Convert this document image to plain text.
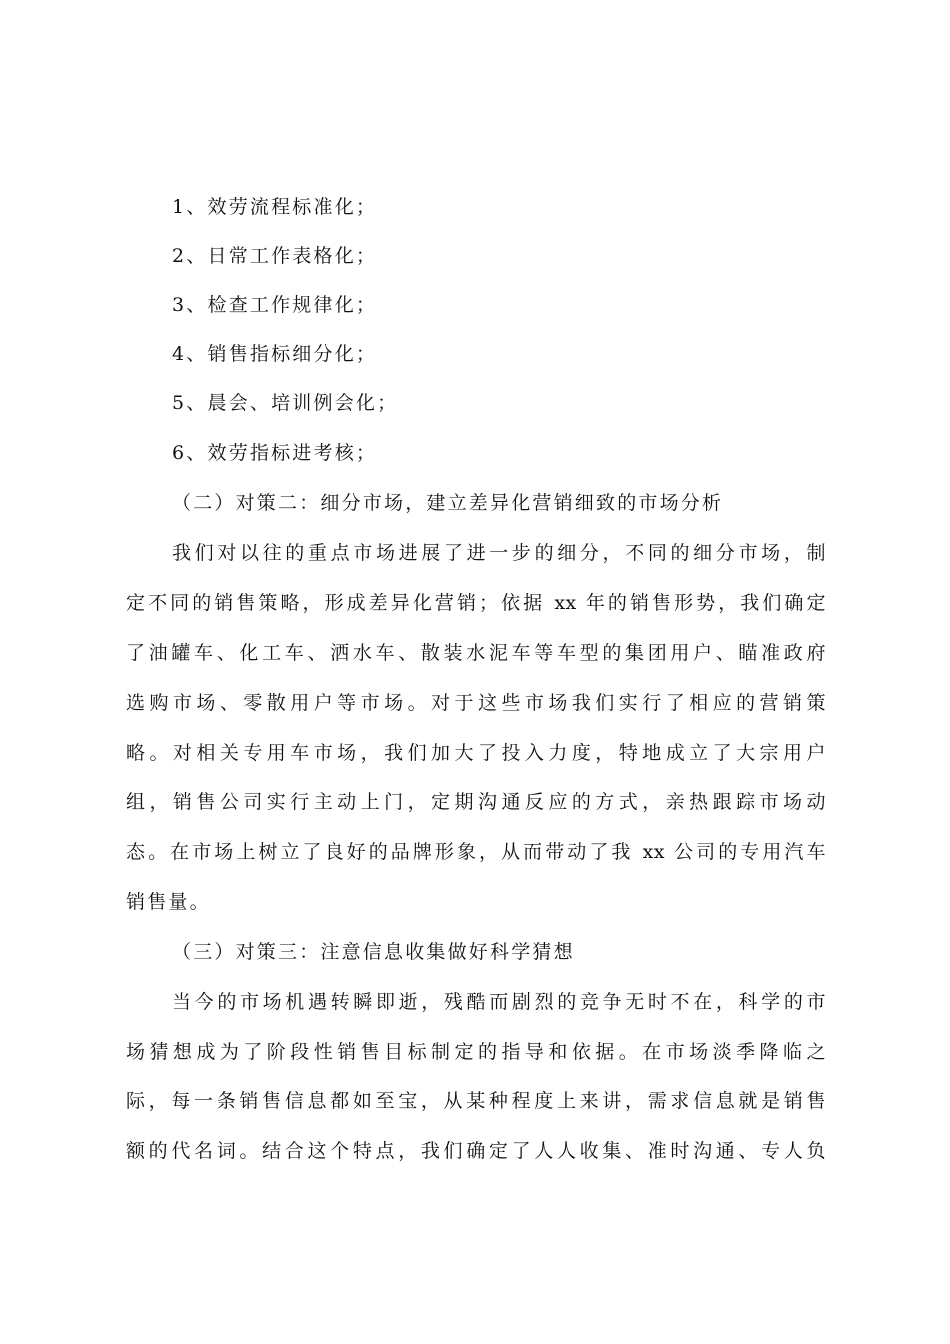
1、效劳流程标准化；
2、日常工作表格化；
3、检查工作规律化；
4、销售指标细分化；
5、晨会、培训例会化；
6、效劳指标进考核；
（二）对策二：细分市场，建立差异化营销细致的市场分析
我们对以往的重点市场进展了进一步的细分，不同的细分市场，制
定不同的销售策略，形成差异化营销；依据 xx 年的销售形势，我们确定
了油罐车、化工车、洒水车、散装水泥车等车型的集团用户、瞄准政府
选购市场、零散用户等市场。对于这些市场我们实行了相应的营销策
略。对相关专用车市场，我们加大了投入力度，特地成立了大宗用户
组，销售公司实行主动上门，定期沟通反应的方式，亲热跟踪市场动
态。在市场上树立了良好的品牌形象，从而带动了我 xx 公司的专用汽车
销售量。
（三）对策三：注意信息收集做好科学猜想
当今的市场机遇转瞬即逝，残酷而剧烈的竞争无时不在，科学的市
场猜想成为了阶段性销售目标制定的指导和依据。在市场淡季降临之
际，每一条销售信息都如至宝，从某种程度上来讲，需求信息就是销售
额的代名词。结合这个特点，我们确定了人人收集、准时沟通、专人负
